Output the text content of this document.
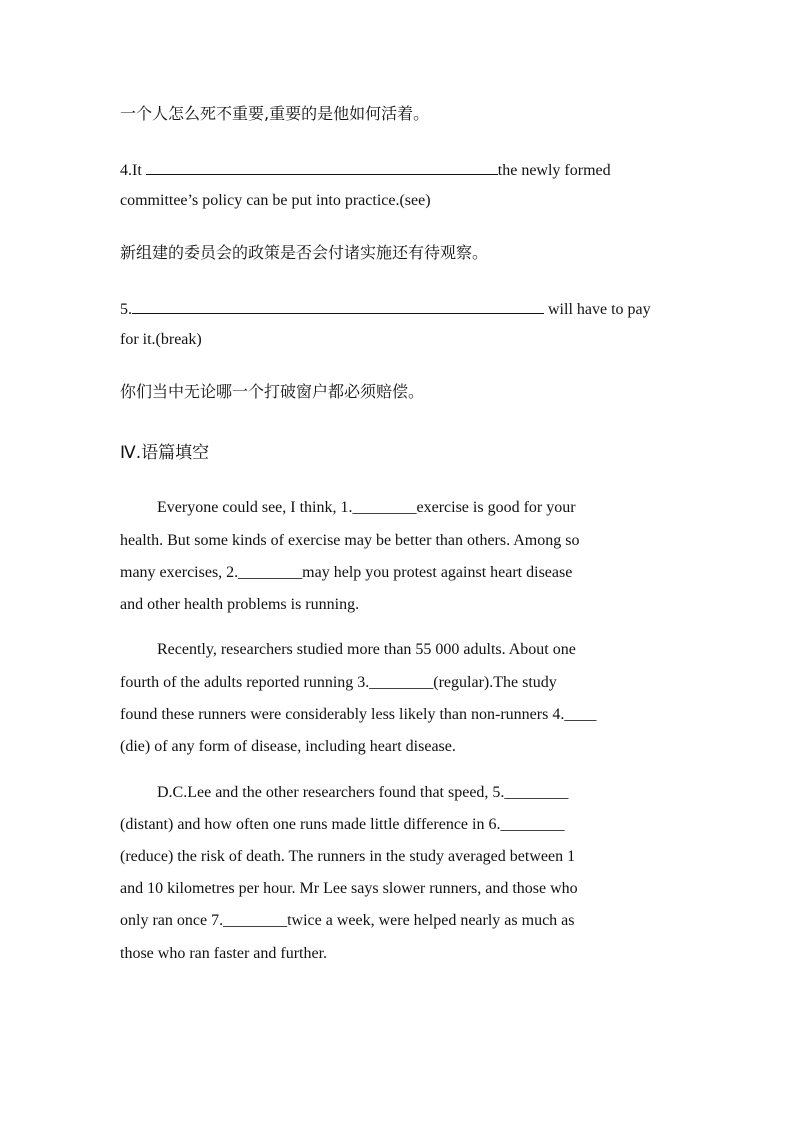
一个人怎么死不重要,重要的是他如何活着。
4.It	the newly formed
committee’s policy can be put into practice.(see)
新组建的委员会的政策是否会付诸实施还有待观察。
5.	will have to pay
for it.(break)
你们当中无论哪一个打破窗户都必须赔偿。
Ⅳ.语篇填空
Everyone could see, I think, 1.________exercise is good for your
health. But some kinds of exercise may be better than others. Among so
many exercises, 2.________may help you protest against heart disease
and other health problems is running.
Recently, researchers studied more than 55 000 adults. About one
fourth of the adults reported running 3.________(regular).The study
found these runners were considerably less likely than non-runners 4.____
(die) of any form of disease, including heart disease.
D.C.Lee and the other researchers found that speed, 5.________
(distant) and how often one runs made little difference in 6.________
(reduce) the risk of death. The runners in the study averaged between 1
and 10 kilometres per hour. Mr Lee says slower runners, and those who
only ran once 7.________twice a week, were helped nearly as much as
those who ran faster and further.
